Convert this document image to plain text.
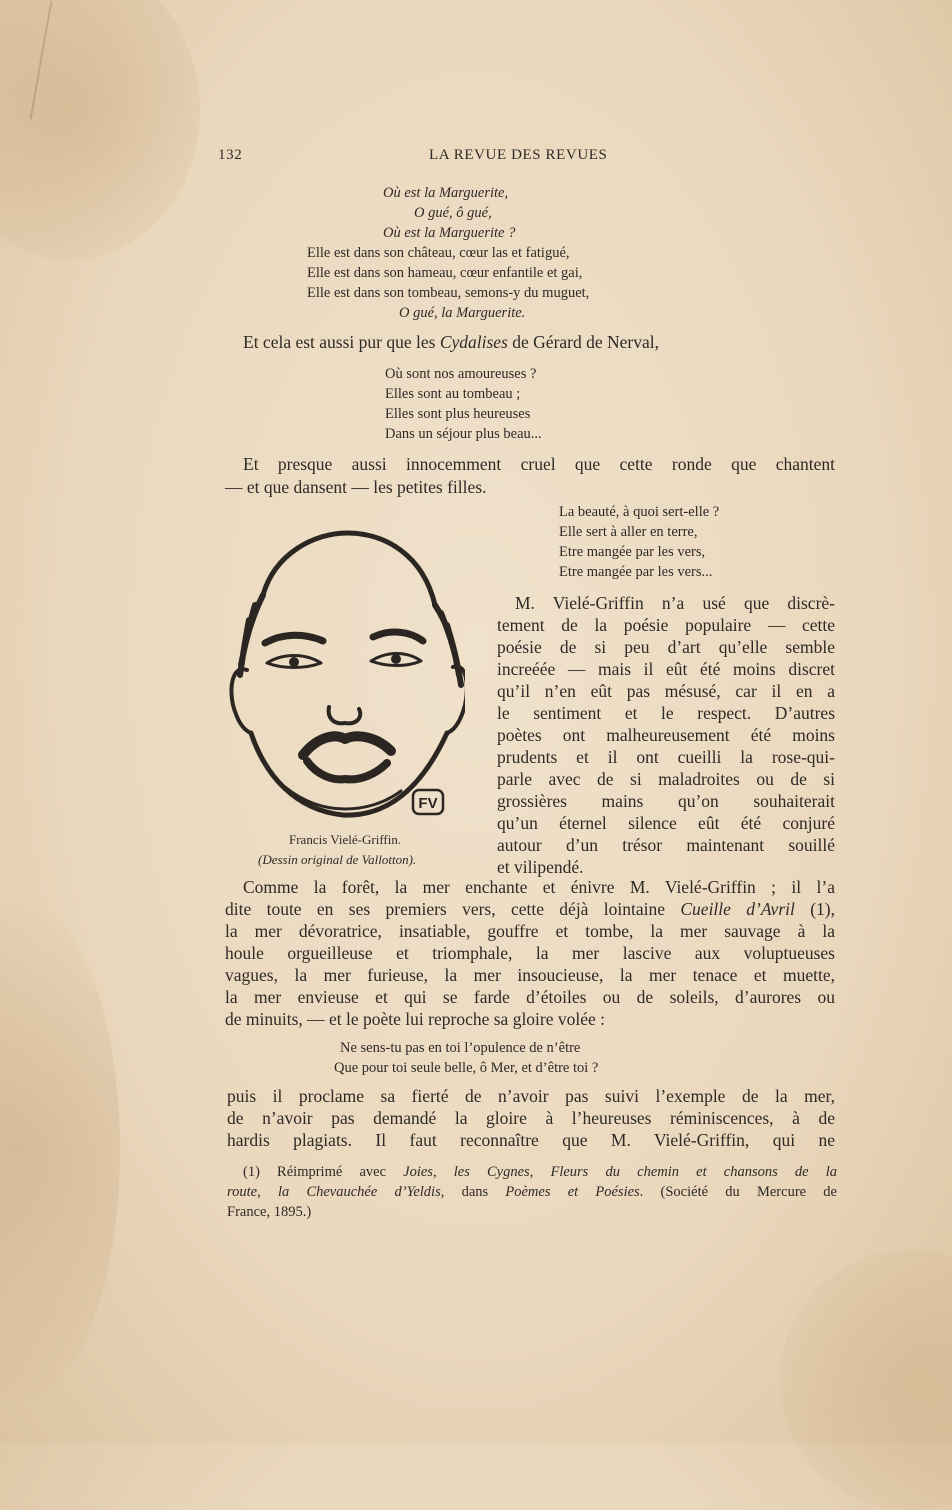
132	LA REVUE DES REVUES
Où est la Marguerite,
O gué, ô gué,
Où est la Marguerite ?
Elle est dans son château, cœur las et fatigué,
Elle est dans son hameau, cœur enfantile et gai,
Elle est dans son tombeau, semons-y du muguet,
O gué, la Marguerite.
Et cela est aussi pur que les Cydalises de Gérard de Nerval,
Où sont nos amoureuses ?
Elles sont au tombeau ;
Elles sont plus heureuses
Dans un séjour plus beau...
Et presque aussi innocemment cruel que cette ronde que chantent
— et que dansent — les petites filles.
La beauté, à quoi sert-elle ?
Elle sert à aller en terre,
Etre mangée par les vers,
Etre mangée par les vers...
FV
Francis Vielé-Griffin.
(Dessin original de Vallotton).
M. Vielé-Griffin n’a usé que discrè-
tement de la poésie populaire — cette
poésie de si peu d’art qu’elle semble
increéée — mais il eût été moins discret
qu’il n’en eût pas mésusé, car il en a
le sentiment et le respect. D’autres
poètes ont malheureusement été moins
prudents et il ont cueilli la rose-qui-
parle avec de si maladroites ou de si
grossières mains qu’on souhaiterait
qu’un éternel silence eût été conjuré
autour d’un trésor maintenant souillé
et vilipendé.
Comme la forêt, la mer enchante et énivre M. Vielé-Griffin ; il l’a
dite toute en ses premiers vers, cette déjà lointaine Cueille d’Avril (1),
la mer dévoratrice, insatiable, gouffre et tombe, la mer sauvage à la
houle orgueilleuse et triomphale, la mer lascive aux voluptueuses
vagues, la mer furieuse, la mer insoucieuse, la mer tenace et muette,
la mer envieuse et qui se farde d’étoiles ou de soleils, d’aurores ou
de minuits, — et le poète lui reproche sa gloire volée :
Ne sens-tu pas en toi l’opulence de n’être
Que pour toi seule belle, ô Mer, et d’être toi ?
puis il proclame sa fierté de n’avoir pas suivi l’exemple de la mer,
de n’avoir pas demandé la gloire à l’heureuses réminiscences, à de
hardis plagiats. Il faut reconnaître que M. Vielé-Griffin, qui ne
(1) Réimprimé avec Joies, les Cygnes, Fleurs du chemin et chansons de la
route, la Chevauchée d’Yeldis, dans Poèmes et Poésies. (Société du Mercure de
France, 1895.)
